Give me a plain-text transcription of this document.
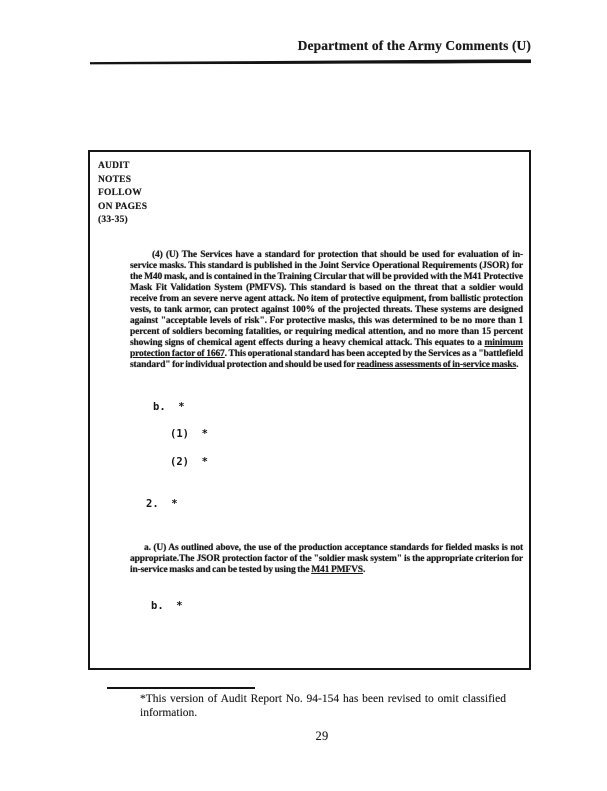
Department of the Army Comments (U)
AUDIT
NOTES
FOLLOW
ON PAGES
(33-35)
(4) (U) The Services have a standard for protection that should be used for evaluation of in-service masks. This standard is published in the Joint Service Operational Requirements (JSOR) for the M40 mask, and is contained in the Training Circular that will be provided with the M41 Protective Mask Fit Validation System (PMFVS). This standard is based on the threat that a soldier would receive from an severe nerve agent attack. No item of protective equipment, from ballistic protection vests, to tank armor, can protect against 100% of the projected threats. These systems are designed against "acceptable levels of risk". For protective masks, this was determined to be no more than 1 percent of soldiers becoming fatalities, or requiring medical attention, and no more than 15 percent showing signs of chemical agent effects during a heavy chemical attack. This equates to a minimum protection factor of 1667. This operational standard has been accepted by the Services as a "battlefield standard" for individual protection and should be used for readiness assessments of in-service masks.
b.  *
(1)  *
(2)  *
2.  *
a. (U) As outlined above, the use of the production acceptance standards for fielded masks is not appropriate.The JSOR protection factor of the "soldier mask system" is the appropriate criterion for in-service masks and can be tested by using the M41 PMFVS.
b.  *
*This version of Audit Report No. 94-154 has been revised to omit classified
information.
29
